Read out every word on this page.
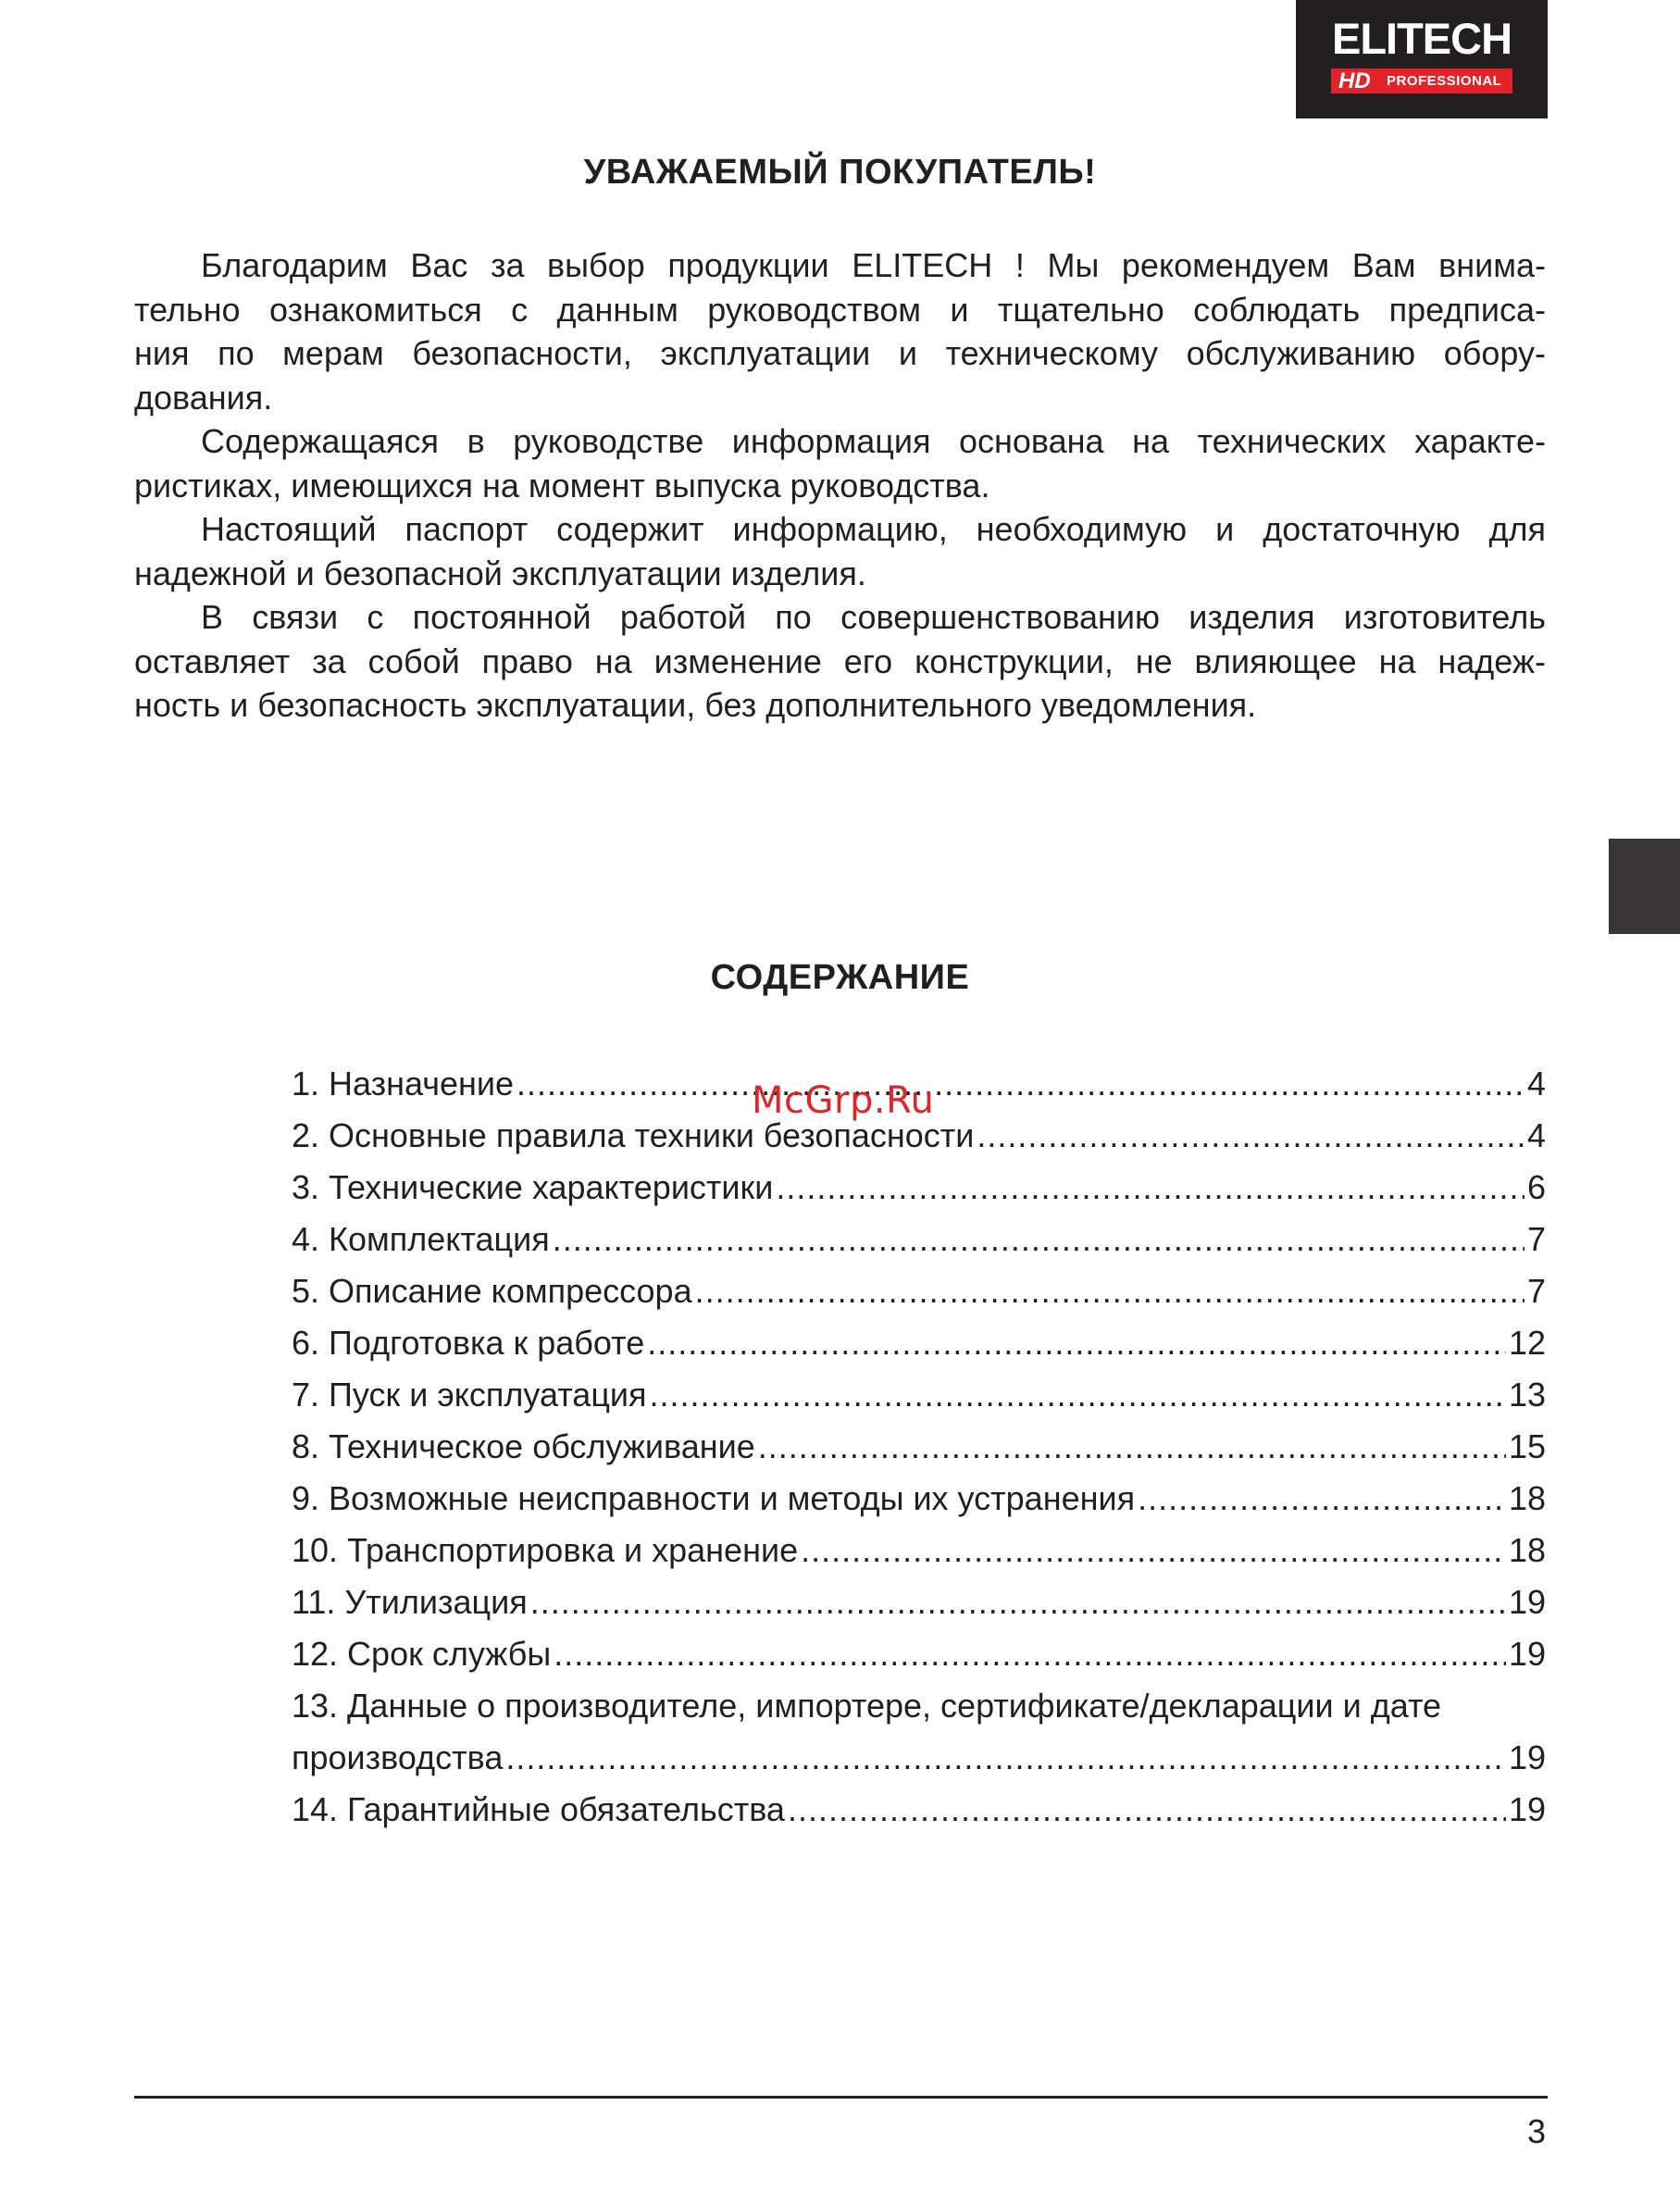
ELITECH
HD PROFESSIONAL
УВАЖАЕМЫЙ ПОКУПАТЕЛЬ!
Благодарим Вас за выбор продукции ELITECH ! Мы рекомендуем Вам внима-
тельно ознакомиться с данным руководством и тщательно соблюдать предписа-
ния по мерам безопасности, эксплуатации и техническому обслуживанию обору-
дования.
Содержащаяся в руководстве информация основана на технических характе-
ристиках, имеющихся на момент выпуска руководства.
Настоящий паспорт содержит информацию, необходимую и достаточную для
надежной и безопасной эксплуатации изделия.
В связи с постоянной работой по совершенствованию изделия изготовитель
оставляет за собой право на изменение его конструкции, не влияющее на надеж-
ность и безопасность эксплуатации, без дополнительного уведомления.
СОДЕРЖАНИЕ
1. Назначение .....	4
2. Основные правила техники безопасности .....	4
3. Технические характеристики .....	6
4. Комплектация .....	7
5. Описание компрессора .....	7
6. Подготовка к работе .....	12
7. Пуск и эксплуатация .....	13
8. Техническое обслуживание .....	15
9. Возможные неисправности и методы их устранения .....	18
10. Транспортировка и хранение .....	18
11. Утилизация .....	19
12. Срок службы .....	19
13. Данные о производителе, импортере, сертификате/декларации и дате
производства .....	19
14. Гарантийные обязательства .....	19
McGrp.Ru
3
